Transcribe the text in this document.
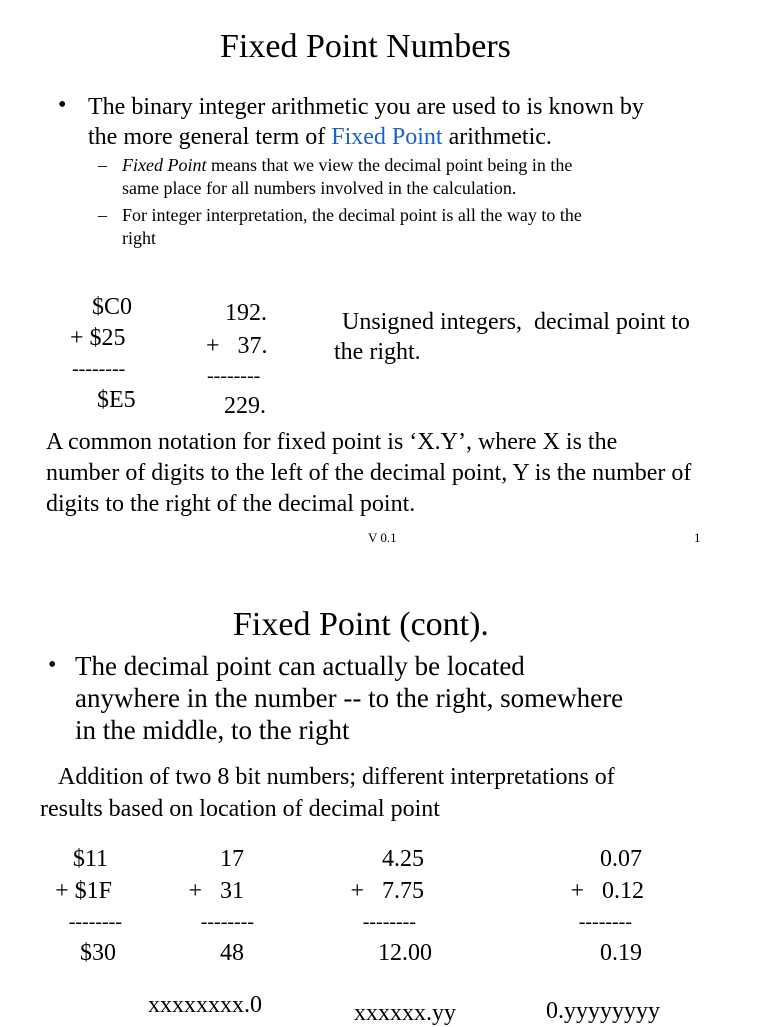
Fixed Point Numbers
• The binary integer arithmetic you are used to is known by
the more general term of Fixed Point arithmetic.
– Fixed Point means that we view the decimal point being in the
same place for all numbers involved in the calculation.
– For integer interpretation, the decimal point is all the way to the
right
$C0
+ $25
--------
$E5
192.
+   37.
--------
229.
Unsigned integers,  decimal point to
the right.
A common notation for fixed point is ‘X.Y’, where X is the
number of digits to the left of the decimal point, Y is the number of
digits to the right of the decimal point.
V 0.1	1
Fixed Point (cont).
• The decimal point can actually be located
anywhere in the number -- to the right, somewhere
in the middle, to the right
Addition of two 8 bit numbers; different interpretations of
results based on location of decimal point
$11
+ $1F
--------
$30
17
+   31
--------
48
4.25
+   7.75
--------
12.00
0.07
+   0.12
--------
0.19
xxxxxxxx.0	xxxxxx.yy	0.yyyyyyyy
